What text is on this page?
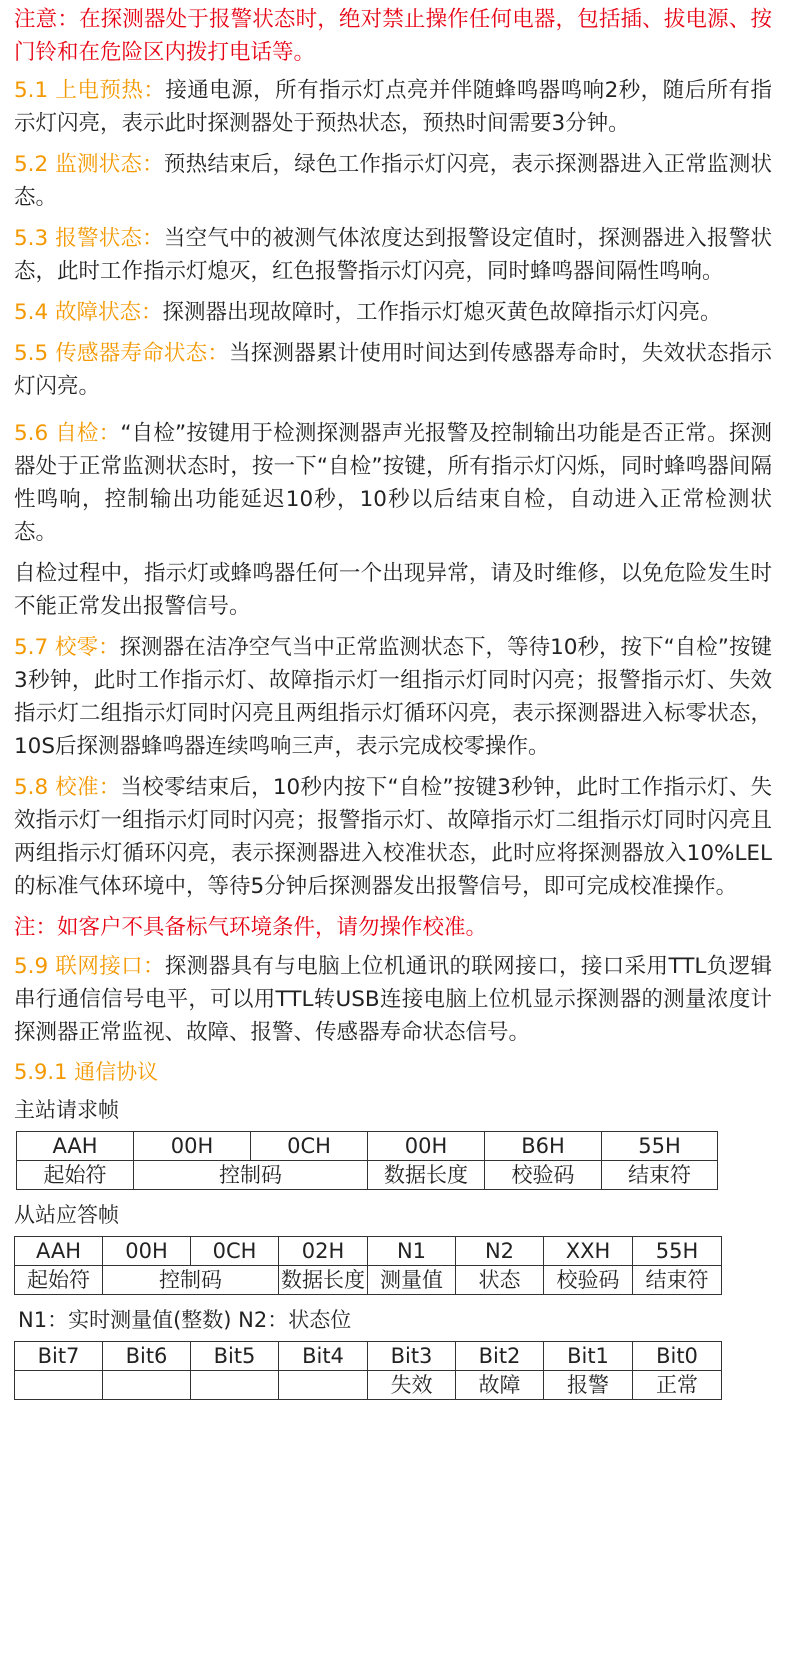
注意：在探测器处于报警状态时，绝对禁止操作任何电器，包括插、拔电源、按门铃和在危险区内拨打电话等。

5.1 上电预热：接通电源，所有指示灯点亮并伴随蜂鸣器鸣响2秒，随后所有指示灯闪亮，表示此时探测器处于预热状态，预热时间需要3分钟。

5.2 监测状态：预热结束后，绿色工作指示灯闪亮，表示探测器进入正常监测状态。

5.3 报警状态：当空气中的被测气体浓度达到报警设定值时，探测器进入报警状态，此时工作指示灯熄灭，红色报警指示灯闪亮，同时蜂鸣器间隔性鸣响。

5.4 故障状态：探测器出现故障时，工作指示灯熄灭黄色故障指示灯闪亮。

5.5 传感器寿命状态：当探测器累计使用时间达到传感器寿命时，失效状态指示灯闪亮。

5.6 自检：“自检”按键用于检测探测器声光报警及控制输出功能是否正常。探测器处于正常监测状态时，按一下“自检”按键，所有指示灯闪烁，同时蜂鸣器间隔性鸣响，控制输出功能延迟10秒，10秒以后结束自检，自动进入正常检测状态。

自检过程中，指示灯或蜂鸣器任何一个出现异常，请及时维修，以免危险发生时不能正常发出报警信号。

5.7 校零：探测器在洁净空气当中正常监测状态下，等待10秒，按下“自检”按键3秒钟，此时工作指示灯、故障指示灯一组指示灯同时闪亮；报警指示灯、失效指示灯二组指示灯同时闪亮且两组指示灯循环闪亮，表示探测器进入标零状态，10S后探测器蜂鸣器连续鸣响三声，表示完成校零操作。

5.8 校准：当校零结束后，10秒内按下“自检”按键3秒钟，此时工作指示灯、失效指示灯一组指示灯同时闪亮；报警指示灯、故障指示灯二组指示灯同时闪亮且两组指示灯循环闪亮，表示探测器进入校准状态，此时应将探测器放入10%LEL的标准气体环境中，等待5分钟后探测器发出报警信号，即可完成校准操作。

注：如客户不具备标气环境条件，请勿操作校准。

5.9 联网接口：探测器具有与电脑上位机通讯的联网接口，接口采用TTL负逻辑串行通信信号电平，可以用TTL转USB连接电脑上位机显示探测器的测量浓度计探测器正常监视、故障、报警、传感器寿命状态信号。

5.9.1 通信协议
主站请求帧
AAH	00H	0CH	00H	B6H	55H
起始符	控制码		数据长度	校验码	结束符
从站应答帧
AAH	00H	0CH	02H	N1	N2	XXH	55H
起始符	控制码		数据长度	测量值	状态	校验码	结束符
N1：实时测量值(整数) N2：状态位
Bit7	Bit6	Bit5	Bit4	Bit3	Bit2	Bit1	Bit0
				失效	故障	报警	正常
